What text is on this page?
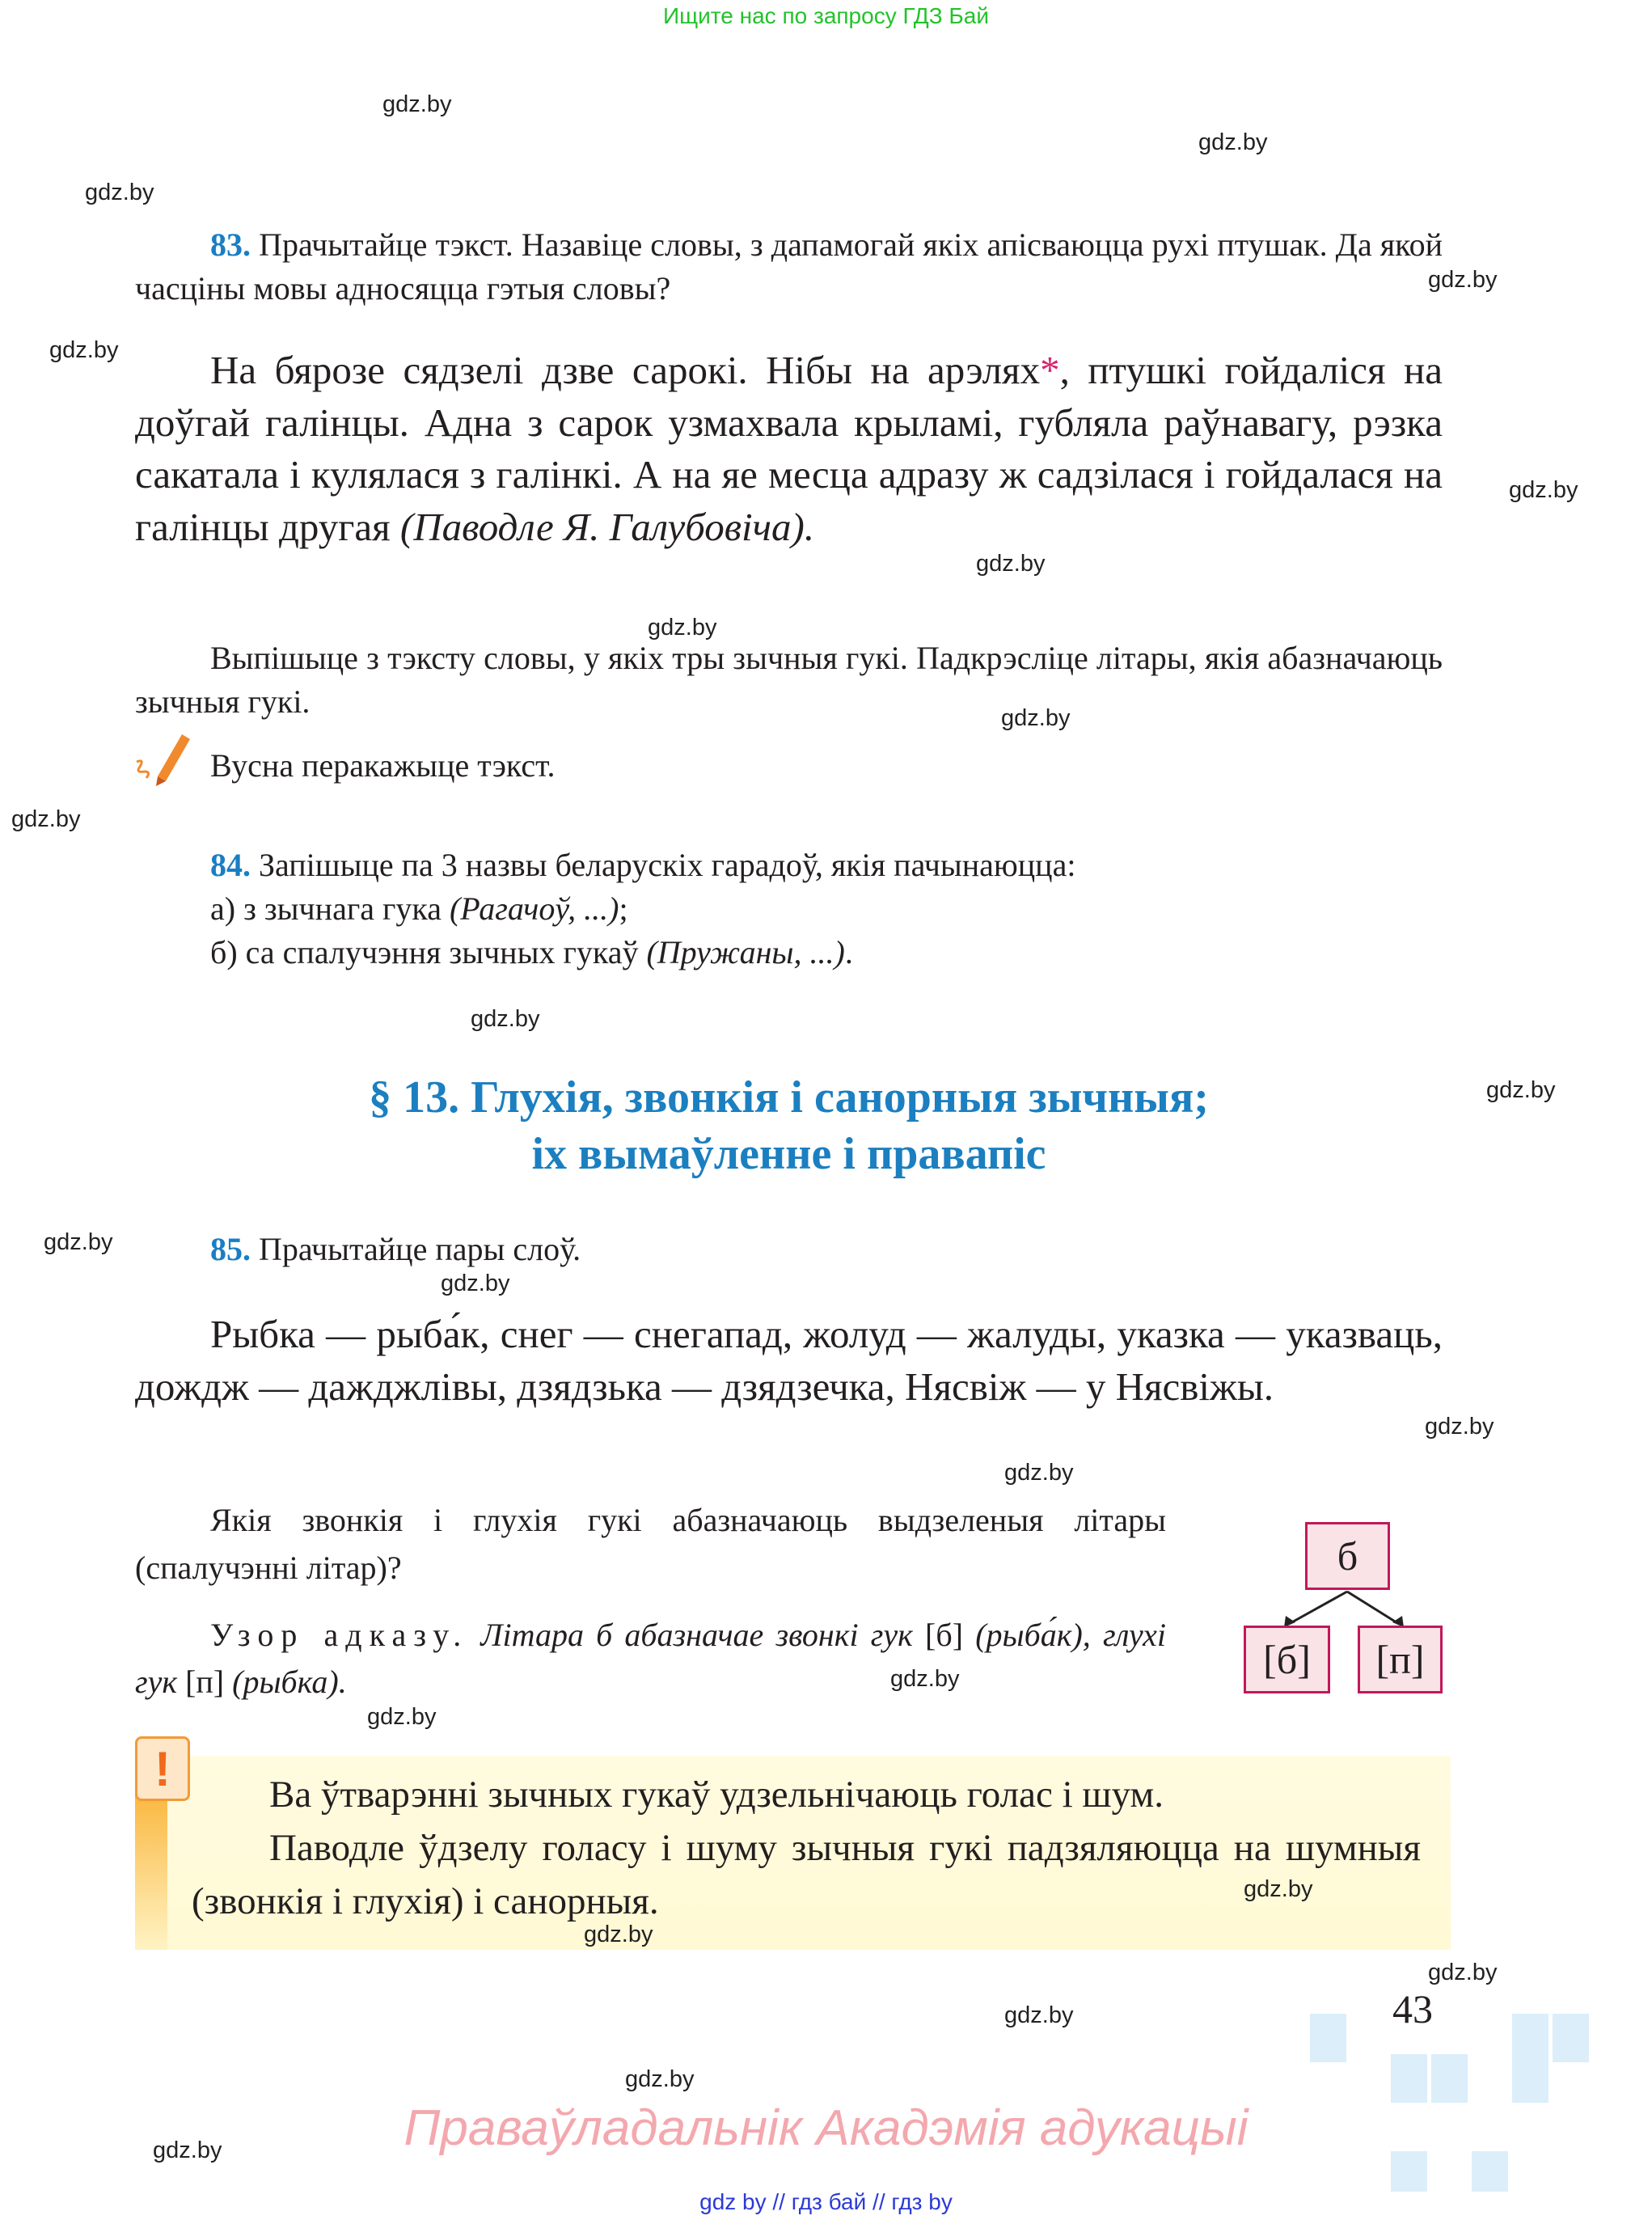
Ищите нас по запросу ГДЗ Бай

83. Прачытайце тэкст. Назавіце словы, з дапамогай якіх апісваюцца рухі птушак. Да якой часціны мовы адносяцца гэтыя словы?

На бярозе сядзелі дзве сарокі. Нібы на арэлях*, птушкі гойдаліся на доўгай галінцы. Адна з сарок узмахвала крыламі, губляла раўнавагу, рэзка сакатала і кулялася з галінкі. А на яе месца адразу ж садзілася і гойдалася на галінцы другая (Паводле Я. Галубовіча).

Выпішыце з тэксту словы, у якіх тры зычныя гукі. Падкрэсліце літары, якія абазначаюць зычныя гукі.

Вусна перакажыце тэкст.

84. Запішыце па 3 назвы беларускіх гарадоў, якія пачынаюцца:

а) з зычнага гука (Рагачоў, ...);

б) са спалучэння зычных гукаў (Пружаны, ...).

§ 13. Глухія, звонкія і санорныя зычныя;
іх вымаўленне і правапіс

85. Прачытайце пары слоў.

Рыбка — рыба́к, снег — снегапад, жолуд — жалуды, указка — указваць, дождж — дажджлівы, дзядзька — дзядзечка, Нясвіж — у Нясвіжы.

Якія звонкія і глухія гукі абазначаюць выдзеленыя літары (спалучэнні літар)?

Узор адказу. Літара б абазначае звонкі гук [б] (рыба́к), глухі гук [п] (рыбка).

б
[б]	[п]
!	Ва ўтварэнні зычных гукаў удзельнічаюць голас і шум.

Паводле ўдзелу голасу і шуму зычныя гукі падзяляюцца на шумныя (звонкія і глухія) і санорныя.

43
Праваўладальнік Акадэмія адукацыі
gdz by // гдз бай // гдз by
gdz.by
gdz.by
gdz.by
gdz.by
gdz.by
gdz.by
gdz.by
gdz.by
gdz.by
gdz.by
gdz.by
gdz.by
gdz.by
gdz.by
gdz.by
gdz.by
gdz.by
gdz.by
gdz.by
gdz.by
gdz.by
gdz.by
gdz.by
gdz.by
